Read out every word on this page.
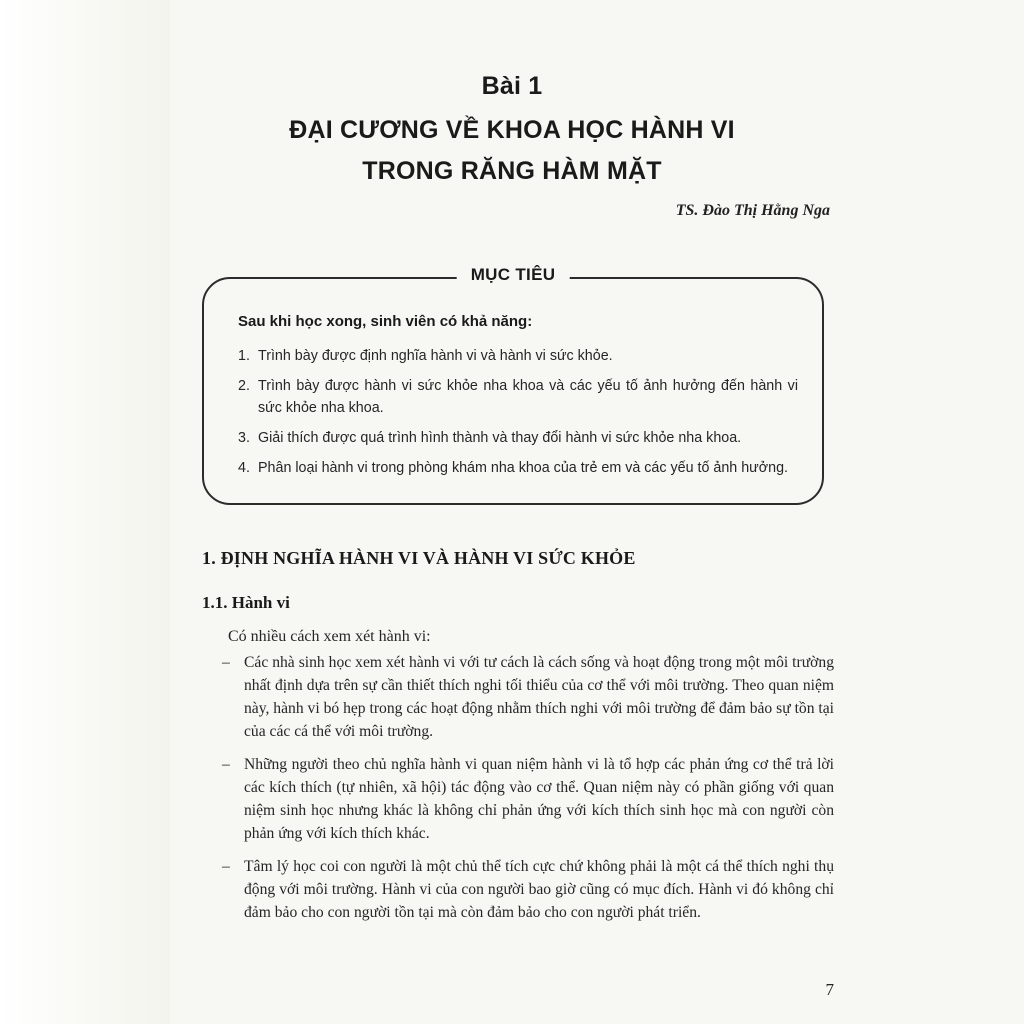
Bài 1
ĐẠI CƯƠNG VỀ KHOA HỌC HÀNH VI
TRONG RĂNG HÀM MẶT
TS. Đào Thị Hằng Nga
MỤC TIÊU
Sau khi học xong, sinh viên có khả năng:
1. Trình bày được định nghĩa hành vi và hành vi sức khỏe.
2. Trình bày được hành vi sức khỏe nha khoa và các yếu tố ảnh hưởng đến hành vi sức khỏe nha khoa.
3. Giải thích được quá trình hình thành và thay đổi hành vi sức khỏe nha khoa.
4. Phân loại hành vi trong phòng khám nha khoa của trẻ em và các yếu tố ảnh hưởng.
1. ĐỊNH NGHĨA HÀNH VI VÀ HÀNH VI SỨC KHỎE
1.1. Hành vi
Có nhiều cách xem xét hành vi:
– Các nhà sinh học xem xét hành vi với tư cách là cách sống và hoạt động trong một môi trường nhất định dựa trên sự cần thiết thích nghi tối thiểu của cơ thể với môi trường. Theo quan niệm này, hành vi bó hẹp trong các hoạt động nhằm thích nghi với môi trường để đảm bảo sự tồn tại của các cá thể với môi trường.
– Những người theo chủ nghĩa hành vi quan niệm hành vi là tổ hợp các phản ứng cơ thể trả lời các kích thích (tự nhiên, xã hội) tác động vào cơ thể. Quan niệm này có phần giống với quan niệm sinh học nhưng khác là không chỉ phản ứng với kích thích sinh học mà con người còn phản ứng với kích thích khác.
– Tâm lý học coi con người là một chủ thể tích cực chứ không phải là một cá thể thích nghi thụ động với môi trường. Hành vi của con người bao giờ cũng có mục đích. Hành vi đó không chỉ đảm bảo cho con người tồn tại mà còn đảm bảo cho con người phát triển.
7
